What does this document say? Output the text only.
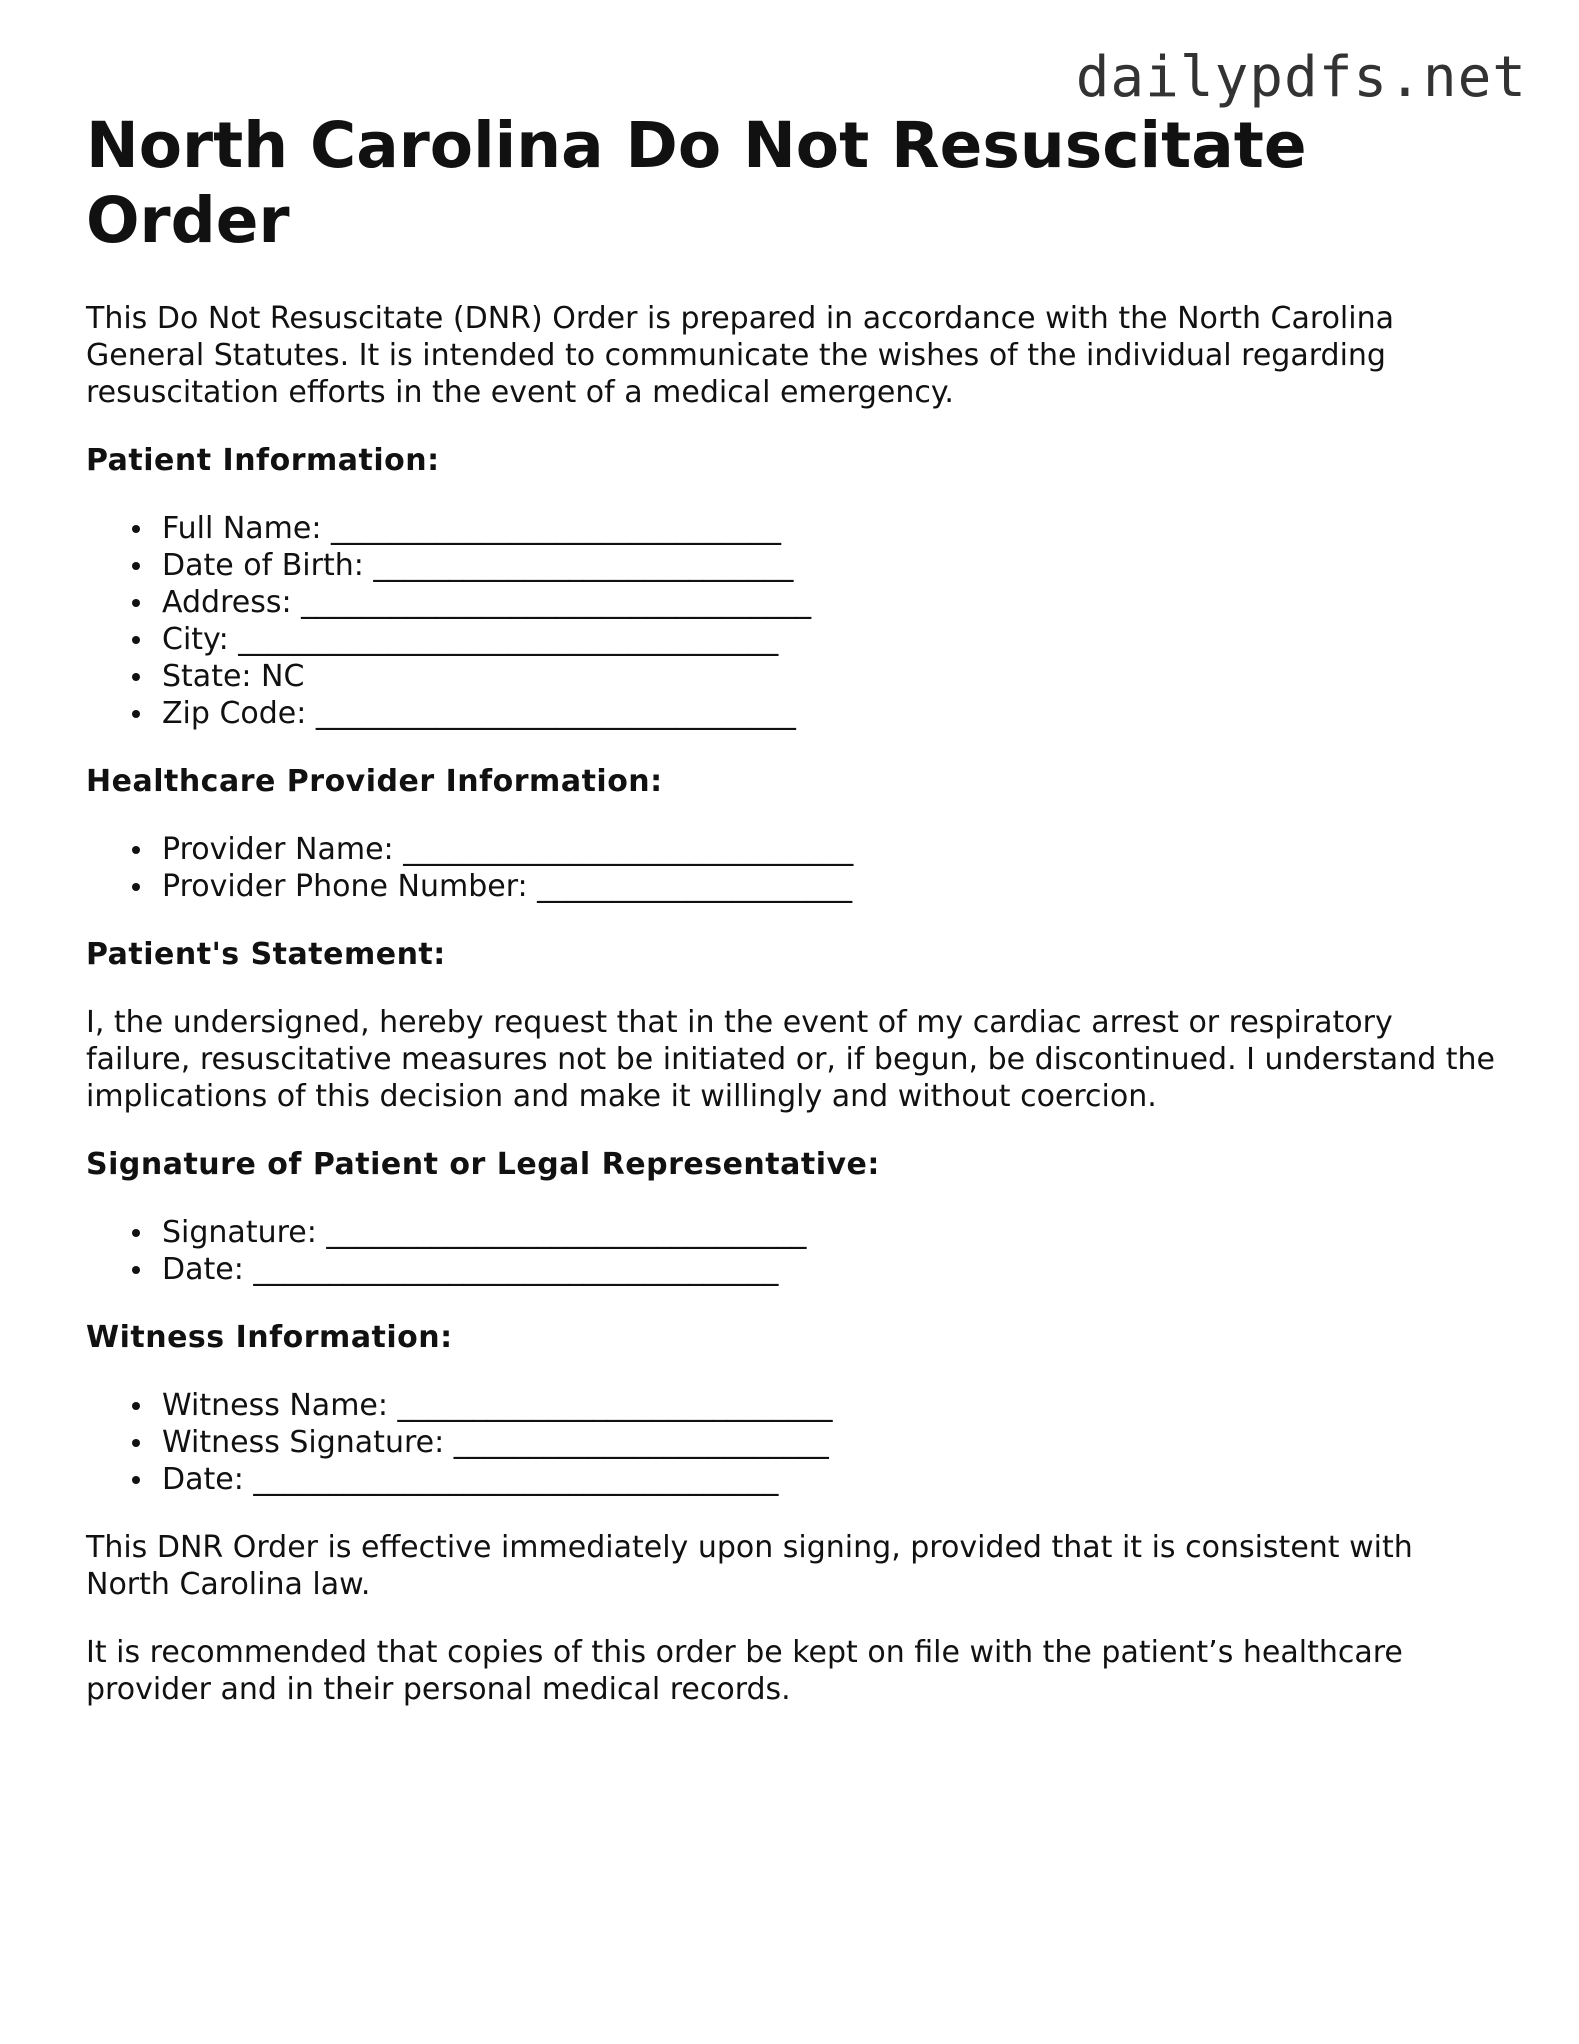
dailypdfs.net
North Carolina Do Not Resuscitate Order

This Do Not Resuscitate (DNR) Order is prepared in accordance with the North Carolina General Statutes. It is intended to communicate the wishes of the individual regarding resuscitation efforts in the event of a medical emergency.

Patient Information:
Full Name: ______________________________
Date of Birth: ____________________________
Address: __________________________________
City: ____________________________________
State: NC
Zip Code: ________________________________
Healthcare Provider Information:
Provider Name: ______________________________
Provider Phone Number: _____________________
Patient's Statement:

I, the undersigned, hereby request that in the event of my cardiac arrest or respiratory failure, resuscitative measures not be initiated or, if begun, be discontinued. I understand the implications of this decision and make it willingly and without coercion.

Signature of Patient or Legal Representative:
Signature: ________________________________
Date: ___________________________________
Witness Information:
Witness Name: _____________________________
Witness Signature: _________________________
Date: ___________________________________

This DNR Order is effective immediately upon signing, provided that it is consistent with North Carolina law.

It is recommended that copies of this order be kept on file with the patient’s healthcare provider and in their personal medical records.
